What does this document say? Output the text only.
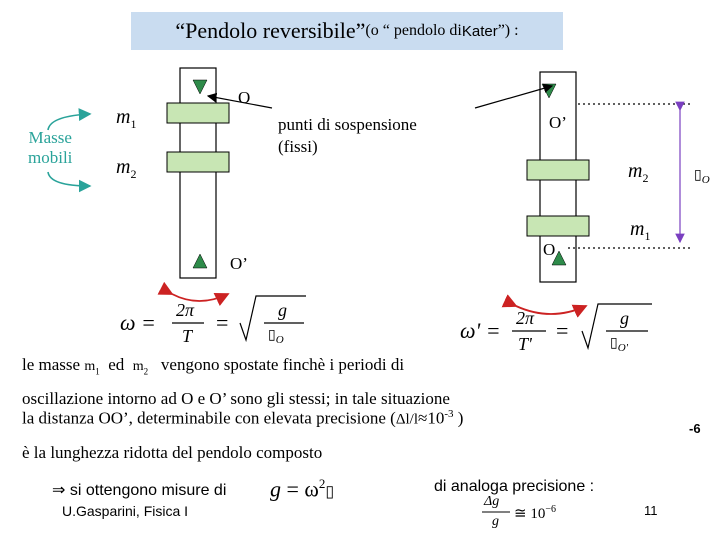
“Pendolo reversibile” (o “ pendolo di Kater ”) :
O
O’
O’
O
$m_1$
$m_2$	$m_2$
$m_1$
$▯_O$
Masse
mobili
punti di sospensione
(fissi)
ω = 2π
T
=	g
$▯_O$	ω' = 2π
T'
=	g
$▯_{O'}$
le masse $m_1$ ed $m_2$ vengono spostate finchè i periodi di
oscillazione intorno ad O e O’ sono gli stessi; in tale situazione
la distanza OO’, determinabile con elevata precisione ($\Delta l/l\approx 10^{-3}$ )
-6
è la lunghezza ridotta del pendolo composto
⇒ si ottengono misure di $g = \omega^2▯$	di analoga precisione :
U.Gasparini, Fisica I
Δg
g ≅ $10^{-6}$	11
